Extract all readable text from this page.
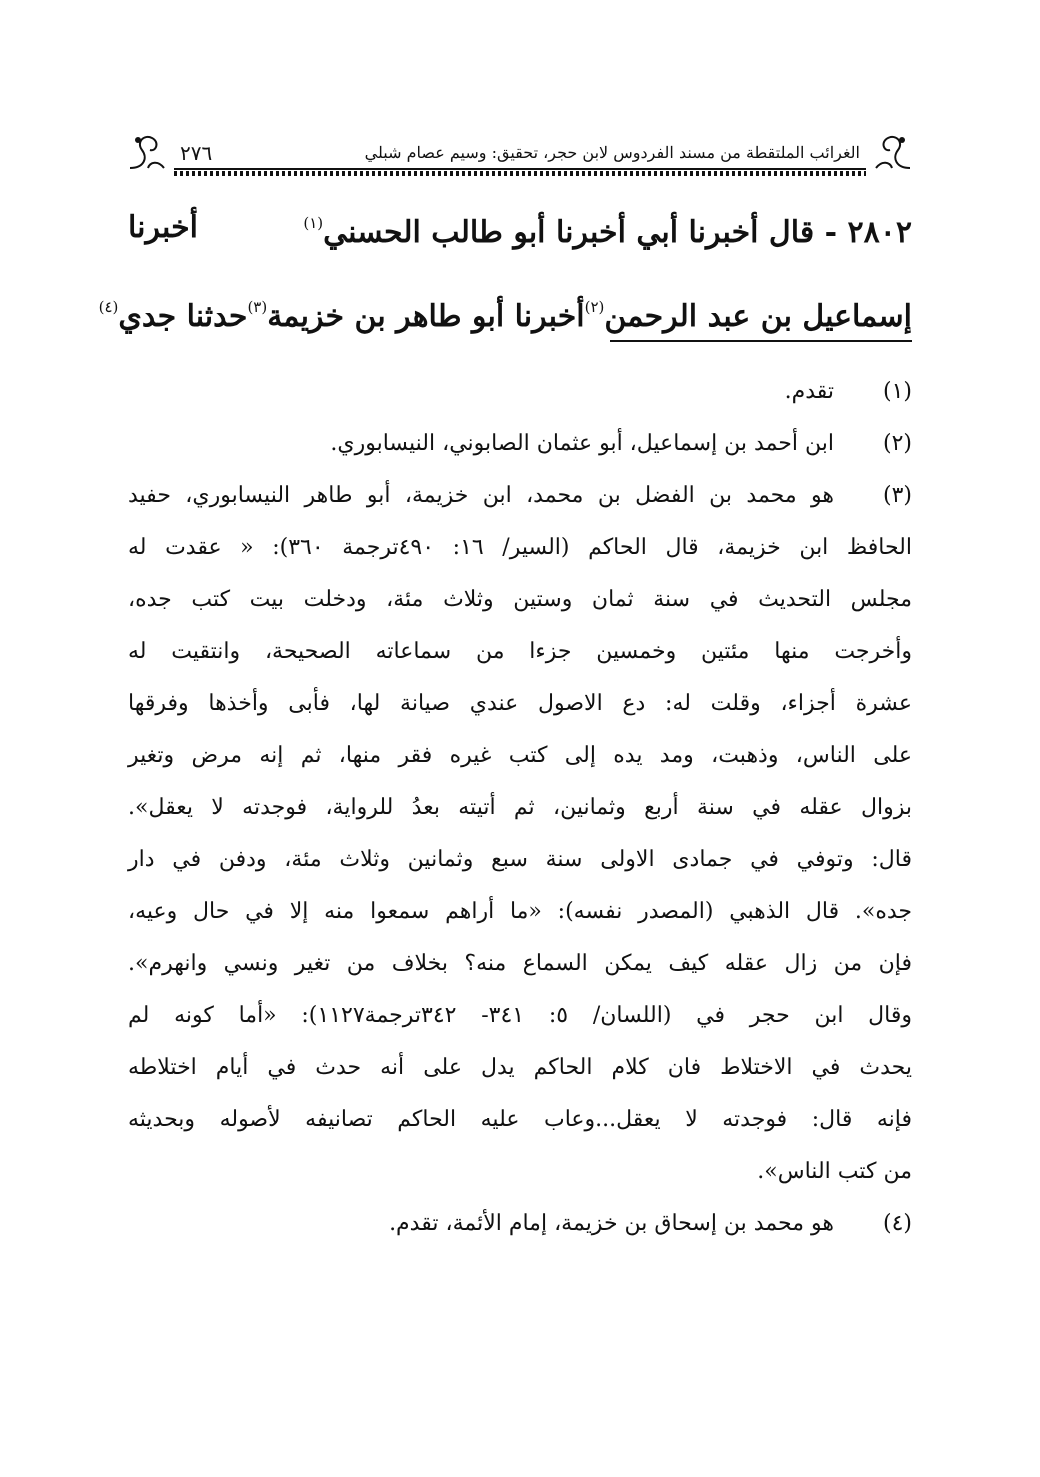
الغرائب الملتقطة من مسند الفردوس لابن حجر، تحقيق: وسيم عصام شبلي
٢٧٦
٢٨٠٢ - قال أخبرنا أبي أخبرنا أبو طالب الحسني$^{(١)}$
أخبرنا
إسماعيل بن عبد الرحمن$^{(٢)}$
أخبرنا أبو طاهر بن خزيمة$^{(٣)}$
حدثنا جدي$^{(٤)}$
(١)
تقدم.
(٢)
ابن أحمد بن إسماعيل، أبو عثمان الصابوني، النيسابوري.
(٣)
هو محمد بن الفضل بن محمد، ابن خزيمة، أبو طاهر النيسابوري، حفيد
الحافظ ابن خزيمة، قال الحاكم (السير/ ١٦: ٤٩٠ترجمة ٣٦٠): « عقدت له
مجلس التحديث في سنة ثمان وستين وثلاث مئة، ودخلت بيت كتب جده،
وأخرجت منها مئتين وخمسين جزءا من سماعاته الصحيحة، وانتقيت له
عشرة أجزاء، وقلت له: دع الاصول عندي صيانة لها، فأبى وأخذها وفرقها
على الناس، وذهبت، ومد يده إلى كتب غيره فقر منها، ثم إنه مرض وتغير
بزوال عقله في سنة أربع وثمانين، ثم أتيته بعدُ للرواية، فوجدته لا يعقل».
قال: وتوفي في جمادى الاولى سنة سبع وثمانين وثلاث مئة، ودفن في دار
جده». قال الذهبي (المصدر نفسه): «ما أراهم سمعوا منه إلا في حال وعيه،
فإن من زال عقله كيف يمكن السماع منه؟ بخلاف من تغير ونسي وانهرم».
وقال ابن حجر في (اللسان/ ٥: ٣٤١- ٣٤٢ترجمة١١٢٧): «أما كونه لم
يحدث في الاختلاط فان كلام الحاكم يدل على أنه حدث في أيام اختلاطه
فإنه قال: فوجدته لا يعقل...وعاب عليه الحاكم تصانيفه لأصوله وبحديثه
من كتب الناس».
(٤)
هو محمد بن إسحاق بن خزيمة، إمام الأئمة، تقدم.
